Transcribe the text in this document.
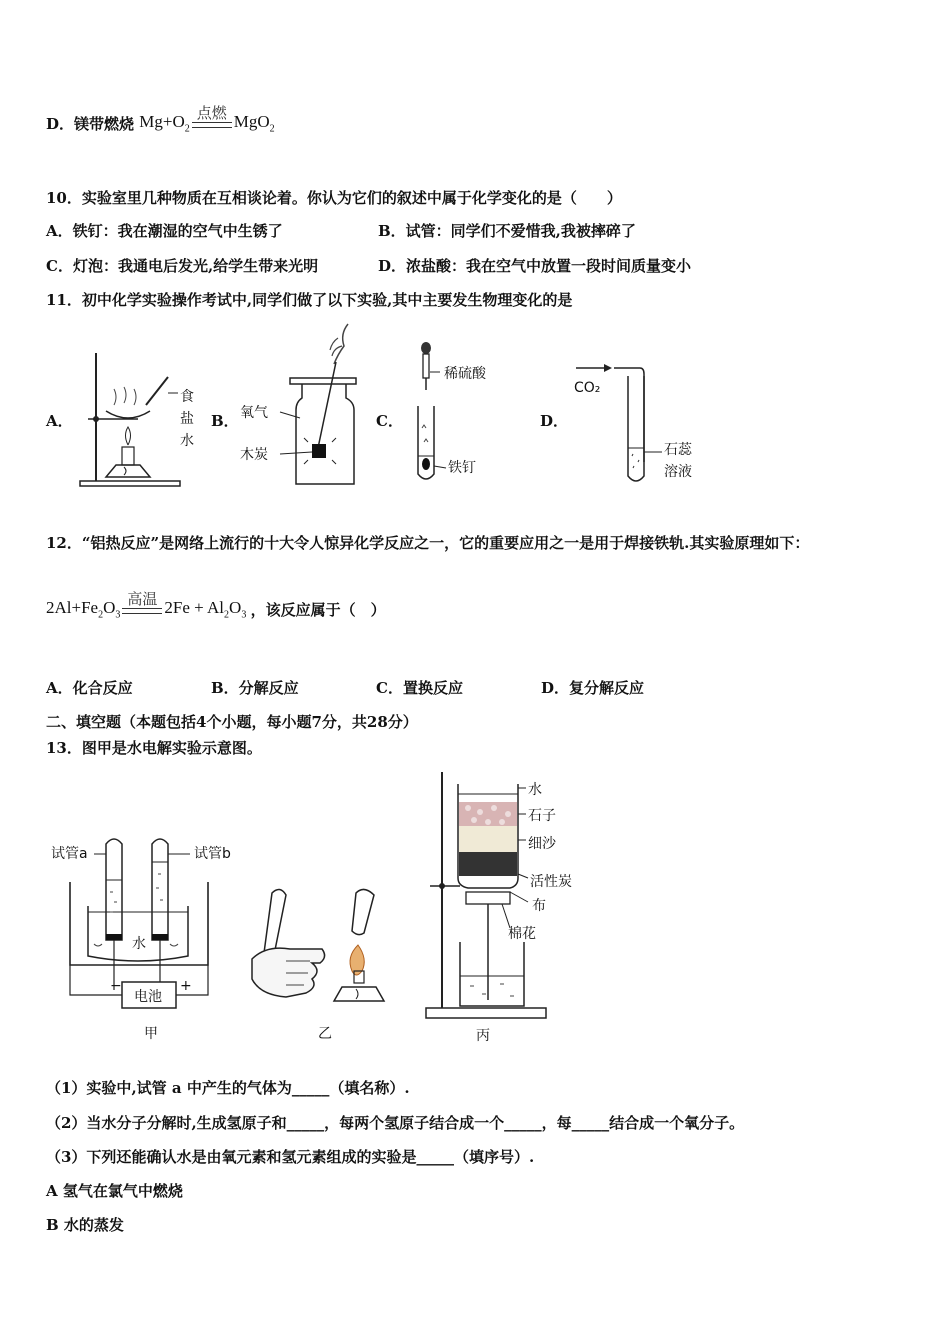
D．镁带燃烧 $Mg+O_2$
点燃 MgO$_2$
10．实验室里几种物质在互相谈论着。你认为它们的叙述中属于化学变化的是（　　）
A．铁钉：我在潮湿的空气中生锈了	B．试管：同学们不爱惜我,我被摔碎了
C．灯泡：我通电后发光,给学生带来光明	D．浓盐酸：我在空气中放置一段时间质量变小
11．初中化学实验操作考试中,同学们做了以下实验,其中主要发生物理变化的是
A．
食
盐
水
B． 氧气
木炭
C．
稀硫酸
铁钉
D．
CO₂
石蕊
溶液
12．“铝热反应”是网络上流行的十大令人惊异化学反应之一，它的重要应用之一是用于焊接铁轨.其实验原理如下：
$2Al+Fe_2O_3$
高温 $2Fe + Al_2O_3$ ，该反应属于（　）
A．化合反应	B．分解反应	C．置换反应	D．复分解反应
二、填空题（本题包括4个小题，每小题7分，共28分）
13．图甲是水电解实验示意图。
水
电池
−	+
试管a	试管b
甲	乙
水
石子
细沙
活性炭
布
棉花
丙
（1）实验中,试管 a 中产生的气体为_____（填名称）.
（2）当水分子分解时,生成氢原子和_____，每两个氢原子结合成一个_____，每_____结合成一个氧分子。
（3）下列还能确认水是由氧元素和氢元素组成的实验是_____（填序号）.
A 氢气在氯气中燃烧
B 水的蒸发
